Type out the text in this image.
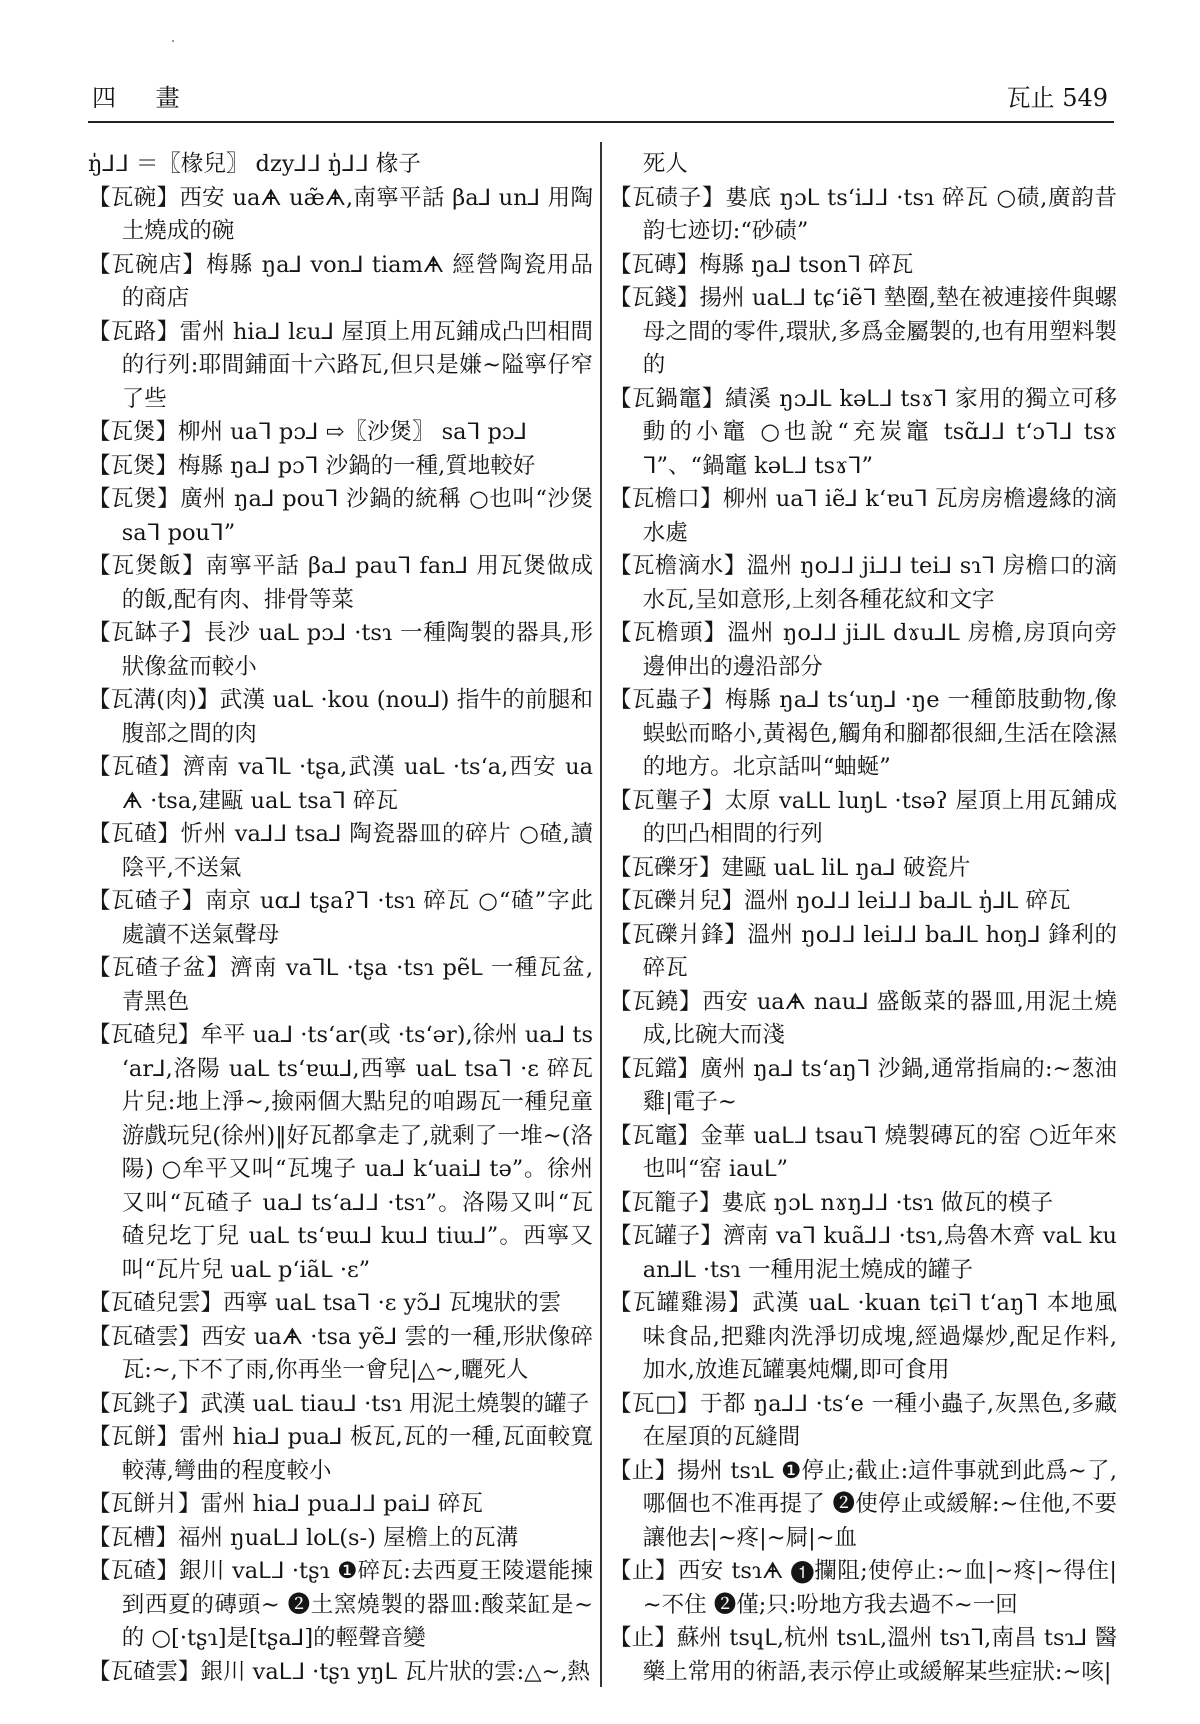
四 畫	瓦止 549
ŋ̍⅃ᒧ ＝〖椽兒〗 dzy⅃ᒧ ŋ̍⅃ᒧ 椽子
【瓦碗】西安 uaᗗ uæ̃ᗗ,南寧平話 βa⅃ un⅃ 用陶土燒成的碗
【瓦碗店】梅縣 ŋa⅃ von⅃ tiamᗗ 經營陶瓷用品的商店
【瓦路】雷州 hia⅃ lɛu⅃ 屋頂上用瓦鋪成凸凹相間的行列:耶間鋪面十六路瓦,但只是嫌~隘寧仔窄了些
【瓦煲】柳州 uaᒣ pɔ⅃ ⇨〖沙煲〗 saᒣ pɔ⅃
【瓦煲】梅縣 ŋa⅃ pɔᒣ 沙鍋的一種,質地較好
【瓦煲】廣州 ŋa⅃ pouᒣ 沙鍋的統稱 ○也叫“沙煲 saᒣ pouᒣ”
【瓦煲飯】南寧平話 βa⅃ pauᒣ fan⅃ 用瓦煲做成的飯,配有肉、排骨等菜
【瓦缽子】長沙 uaᒪ pɔ⅃ ·tsɿ 一種陶製的器具,形狀像盆而較小
【瓦溝(肉)】武漢 uaᒪ ·kou (nou⅃) 指牛的前腿和腹部之間的肉
【瓦碴】濟南 vaᒣᒪ ·tʂa,武漢 uaᒪ ·tsʻa,西安 uaᗗ ·tsa,建甌 uaᒪ tsaᒣ 碎瓦
【瓦碴】忻州 va⅃ᒧ tsa⅃ 陶瓷器皿的碎片 ○碴,讀陰平,不送氣
【瓦碴子】南京 uɑ⅃ tʂaʔᒣ ·tsɿ 碎瓦 ○“碴”字此處讀不送氣聲母
【瓦碴子盆】濟南 vaᒣᒪ ·tʂa ·tsɿ pẽᒪ 一種瓦盆,青黑色
【瓦碴兒】牟平 ua⅃ ·tsʻar(或 ·tsʻər),徐州 ua⅃ tsʻar⅃,洛陽 uaᒪ tsʻɐɯ⅃,西寧 uaᒪ tsaᒣ ·ɛ 碎瓦片兒:地上淨~,撿兩個大點兒的咱踢瓦一種兒童游戲玩兒(徐州)‖好瓦都拿走了,就剩了一堆~(洛陽) ○牟平又叫“瓦塊子 ua⅃ kʻuai⅃ tə”。徐州又叫“瓦碴子 ua⅃ tsʻa⅃ᒧ ·tsɿ”。洛陽又叫“瓦碴兒圪丁兒 uaᒪ tsʻɐɯ⅃ kɯ⅃ tiɯ⅃”。西寧又叫“瓦片兒 uaᒪ pʻiãᒪ ·ɛ”
【瓦碴兒雲】西寧 uaᒪ tsaᒣ ·ɛ yɔ̃⅃ 瓦塊狀的雲
【瓦碴雲】西安 uaᗗ ·tsa yẽ⅃ 雲的一種,形狀像碎瓦:~,下不了雨,你再坐一會兒|△~,曬死人
【瓦銚子】武漢 uaᒪ tiau⅃ ·tsɿ 用泥土燒製的罐子
【瓦餅】雷州 hia⅃ pua⅃ 板瓦,瓦的一種,瓦面較寬較薄,彎曲的程度較小
【瓦餅爿】雷州 hia⅃ pua⅃ᒧ pai⅃ 碎瓦
【瓦槽】福州 ŋuaᒪᒧ loᒪ(s-) 屋檐上的瓦溝
【瓦碴】銀川 vaᒪᒧ ·tʂɿ ❶碎瓦:去西夏王陵還能揀到西夏的磚頭~ ❷土窯燒製的器皿:酸菜缸是~的 ○[·tʂɿ]是[tʂa⅃]的輕聲音變
【瓦碴雲】銀川 vaᒪᒧ ·tʂɿ yŋᒪ 瓦片狀的雲:△~,熱
死人
【瓦碛子】婁底 ŋɔᒪ tsʻi⅃ᒧ ·tsɿ 碎瓦 ○碛,廣韵昔韵七迹切:“砂碛”
【瓦磚】梅縣 ŋa⅃ tsonᒣ 碎瓦
【瓦錢】揚州 uaᒪᒧ tɕʻiẽᒣ 墊圈,墊在被連接件與螺母之間的零件,環狀,多爲金屬製的,也有用塑料製的
【瓦鍋竈】績溪 ŋɔ⅃ᒪ kəᒪᒧ tsɤᒣ 家用的獨立可移動的小竈 ○也說“充炭竈 tsɑ̃⅃ᒧ tʻɔᒣᒧ tsɤᒣ”、“鍋竈 kəᒪᒧ tsɤᒣ”
【瓦檐口】柳州 uaᒣ iẽ⅃ kʻɐuᒣ 瓦房房檐邊緣的滴水處
【瓦檐滴水】溫州 ŋo⅃ᒧ ji⅃ᒧ tei⅃ sɿᒣ 房檐口的滴水瓦,呈如意形,上刻各種花紋和文字
【瓦檐頭】溫州 ŋo⅃ᒧ ji⅃ᒪ dɤu⅃ᒪ 房檐,房頂向旁邊伸出的邊沿部分
【瓦蟲子】梅縣 ŋa⅃ tsʻuŋ⅃ ·ŋe 一種節肢動物,像蜈蚣而略小,黃褐色,觸角和腳都很細,生活在陰濕的地方。北京話叫“蚰蜒”
【瓦壟子】太原 vaᒪᒪ luŋᒪ ·tsəʔ 屋頂上用瓦鋪成的凹凸相間的行列
【瓦礫牙】建甌 uaᒪ liᒪ ŋa⅃ 破瓷片
【瓦礫爿兒】溫州 ŋo⅃ᒧ lei⅃ᒧ ba⅃ᒪ ŋ̍⅃ᒪ 碎瓦
【瓦礫爿鋒】溫州 ŋo⅃ᒧ lei⅃ᒧ ba⅃ᒪ hoŋ⅃ 鋒利的碎瓦
【瓦鐃】西安 uaᗗ nau⅃ 盛飯菜的器皿,用泥土燒成,比碗大而淺
【瓦鐺】廣州 ŋa⅃ tsʻaŋᒣ 沙鍋,通常指扁的:~葱油雞|電子~
【瓦竈】金華 uaᒪᒧ tsauᒣ 燒製磚瓦的窑 ○近年來也叫“窑 iauᒪ”
【瓦籠子】婁底 ŋɔᒪ nɤŋ⅃ᒧ ·tsɿ 做瓦的模子
【瓦罐子】濟南 vaᒣ kuã⅃ᒧ ·tsɿ,烏魯木齊 vaᒪ kuan⅃ᒪ ·tsɿ 一種用泥土燒成的罐子
【瓦罐雞湯】武漢 uaᒪ ·kuan tɕiᒣ tʻaŋᒣ 本地風味食品,把雞肉洗淨切成塊,經過爆炒,配足作料,加水,放進瓦罐裏炖爛,即可食用
【瓦□】于都 ŋa⅃ᒧ ·tsʻe 一種小蟲子,灰黑色,多藏在屋頂的瓦縫間
【止】揚州 tsɿᒪ ❶停止;截止:這件事就到此爲~了,哪個也不准再提了 ❷使停止或緩解:~住他,不要讓他去|~疼|~屙|~血
【止】西安 tsɿᗗ ❶攔阻;使停止:~血|~疼|~得住|~不住 ❷僅;只:吩地方我去過不~一回
【止】蘇州 tsɥᒪ,杭州 tsɿᒪ,溫州 tsɿᒣ,南昌 tsɿ⅃ 醫藥上常用的術語,表示停止或緩解某些症狀:~咳|
